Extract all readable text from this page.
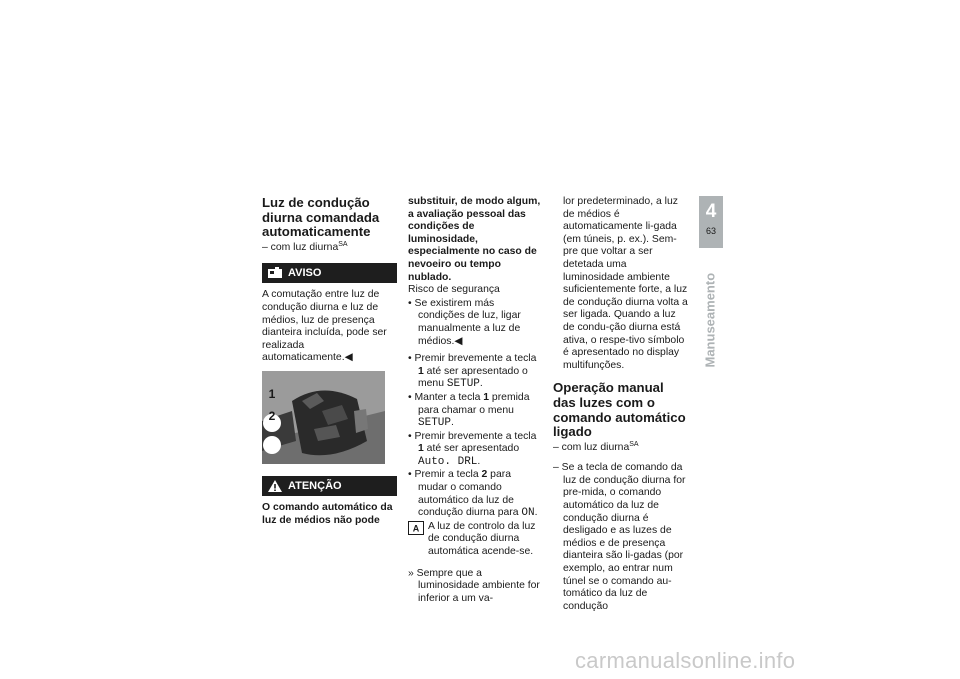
Luz de condução diurna comandada automaticamente

– com luz diurna$^{SA}$

AVISO

A comutação entre luz de condução diurna e luz de médios, luz de presença dianteira incluída, pode ser realizada automaticamente.◀

ATENÇÃO

O comando automático da luz de médios não pode

1
2

substituir, de modo algum, a avaliação pessoal das condições de luminosidade, especialmente no caso de nevoeiro ou tempo nublado.

Risco de segurança

• Se existirem más condições de luz, ligar manualmente a luz de médios.◀

• Premir brevemente a tecla 1 até ser apresentado o menu SETUP.

• Manter a tecla 1 premida para chamar o menu SETUP.

• Premir brevemente a tecla 1 até ser apresentado Auto. DRL.

• Premir a tecla 2 para mudar o comando automático da luz de condução diurna para ON.

A A luz de controlo da luz de condução diurna automática acende-se.

» Sempre que a luminosidade ambiente for inferior a um va-

lor predeterminado, a luz de médios é automaticamente li-gada (em túneis, p. ex.). Sem-pre que voltar a ser detetada uma luminosidade ambiente suficientemente forte, a luz de condução diurna volta a ser ligada. Quando a luz de condu-ção diurna está ativa, o respe-tivo símbolo é apresentado no display multifunções.

Operação manual das luzes com o comando automático ligado

– com luz diurna$^{SA}$

– Se a tecla de comando da luz de condução diurna for pre-mida, o comando automático da luz de condução diurna é desligado e as luzes de médios e de presença dianteira são li-gadas (por exemplo, ao entrar num túnel se o comando au-tomático da luz de condução

4
63
Manuseamento
carmanualsonline.info
